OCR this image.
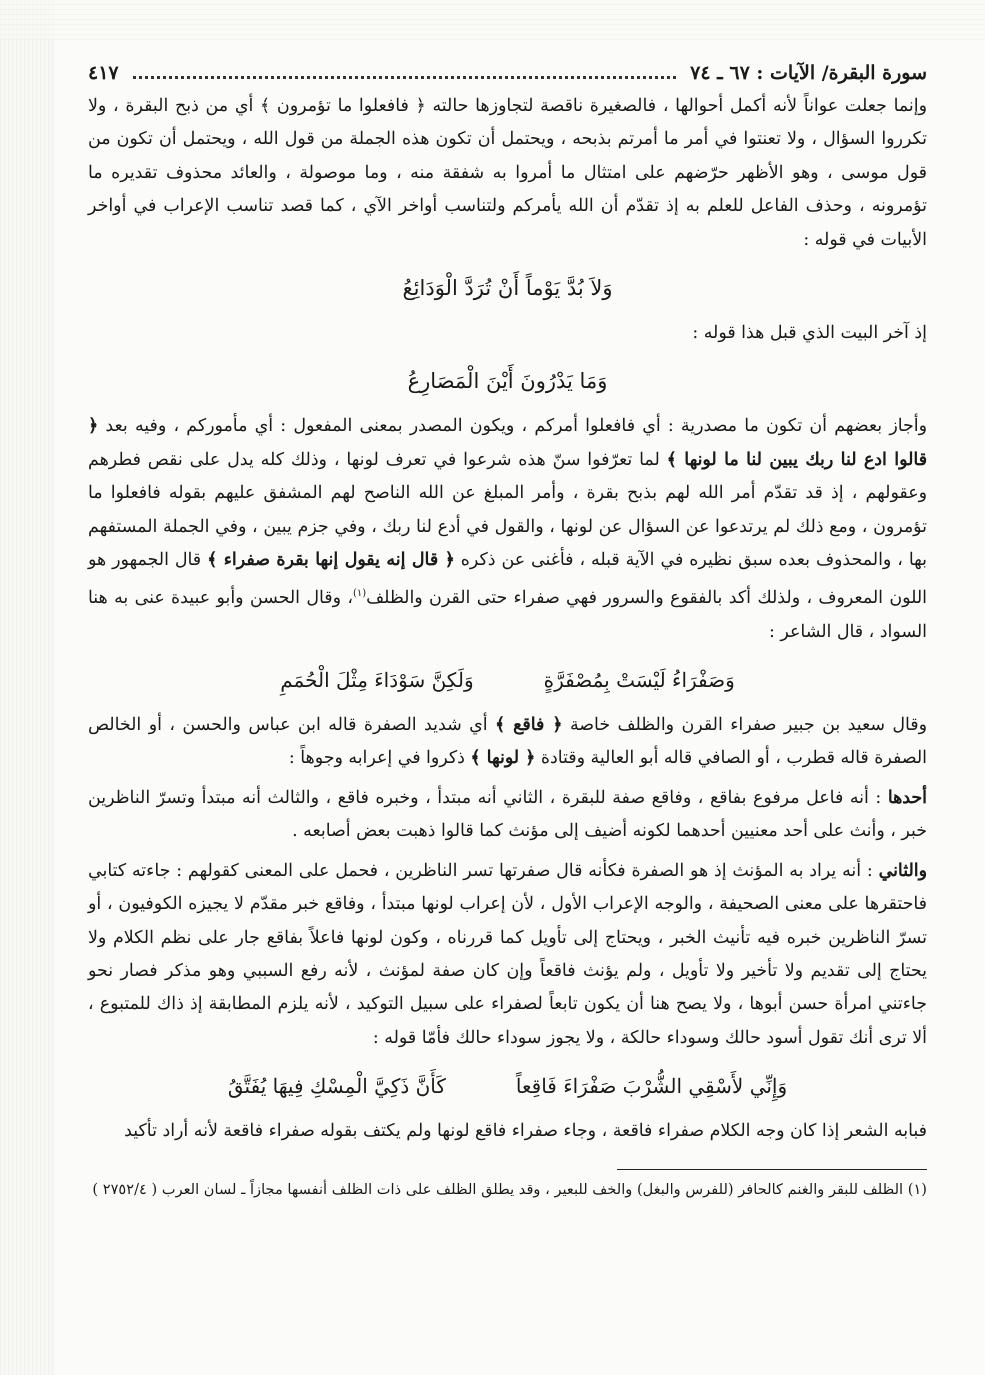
سورة البقرة/ الآيات : ٦٧ ـ ٧٤
٤١٧

وإنما جعلت عواناً لأنه أكمل أحوالها ، فالصغيرة ناقصة لتجاوزها حالته ﴿ فافعلوا ما تؤمرون ﴾ أي من ذبح البقرة ، ولا تكرروا السؤال ، ولا تعنتوا في أمر ما أمرتم بذبحه ، ويحتمل أن تكون هذه الجملة من قول الله ، ويحتمل أن تكون من قول موسى ، وهو الأظهر حرّضهم على امتثال ما أمروا به شفقة منه ، وما موصولة ، والعائد محذوف تقديره ما تؤمرونه ، وحذف الفاعل للعلم به إذ تقدّم أن الله يأمركم ولتناسب أواخر الآي ، كما قصد تناسب الإعراب في أواخر الأبيات في قوله :

وَلاَ بُدَّ يَوْماً أَنْ تُرَدَّ الْوَدَائِعُ

إذ آخر البيت الذي قبل هذا قوله :

وَمَا يَدْرُونَ أَيْنَ الْمَصَارِعُ

وأجاز بعضهم أن تكون ما مصدرية : أي فافعلوا أمركم ، ويكون المصدر بمعنى المفعول : أي مأموركم ، وفيه بعد ﴿ قالوا ادع لنا ربك يبين لنا ما لونها ﴾ لما تعرّفوا سنّ هذه شرعوا في تعرف لونها ، وذلك كله يدل على نقص فطرهم وعقولهم ، إذ قد تقدّم أمر الله لهم بذبح بقرة ، وأمر المبلغ عن الله الناصح لهم المشفق عليهم بقوله فافعلوا ما تؤمرون ، ومع ذلك لم يرتدعوا عن السؤال عن لونها ، والقول في أدع لنا ربك ، وفي جزم يبين ، وفي الجملة المستفهم بها ، والمحذوف بعده سبق نظيره في الآية قبله ، فأغنى عن ذكره ﴿ قال إنه يقول إنها بقرة صفراء ﴾ قال الجمهور هو اللون المعروف ، ولذلك أكد بالفقوع والسرور فهي صفراء حتى القرن والظلف$^{(١)}$، وقال الحسن وأبو عبيدة عنى به هنا السواد ، قال الشاعر :

وَصَفْرَاءُ لَيْسَتْ بِمُصْفَرَّةٍ
وَلَكِنَّ سَوْدَاءَ مِثْلَ الْحُمَمِ

وقال سعيد بن جبير صفراء القرن والظلف خاصة ﴿ فاقع ﴾ أي شديد الصفرة قاله ابن عباس والحسن ، أو الخالص الصفرة قاله قطرب ، أو الصافي قاله أبو العالية وقتادة ﴿ لونها ﴾ ذكروا في إعرابه وجوهاً :

أحدها : أنه فاعل مرفوع بفاقع ، وفاقع صفة للبقرة ، الثاني أنه مبتدأ ، وخبره فاقع ، والثالث أنه مبتدأ وتسرّ الناظرين خبر ، وأنث على أحد معنيين أحدهما لكونه أضيف إلى مؤنث كما قالوا ذهبت بعض أصابعه .

والثاني : أنه يراد به المؤنث إذ هو الصفرة فكأنه قال صفرتها تسر الناظرين ، فحمل على المعنى كقولهم : جاءته كتابي فاحتقرها على معنى الصحيفة ، والوجه الإعراب الأول ، لأن إعراب لونها مبتدأ ، وفاقع خبر مقدّم لا يجيزه الكوفيون ، أو تسرّ الناظرين خبره فيه تأنيث الخبر ، ويحتاج إلى تأويل كما قررناه ، وكون لونها فاعلاً بفاقع جار على نظم الكلام ولا يحتاج إلى تقديم ولا تأخير ولا تأويل ، ولم يؤنث فاقعاً وإن كان صفة لمؤنث ، لأنه رفع السببي وهو مذكر فصار نحو جاءتني امرأة حسن أبوها ، ولا يصح هنا أن يكون تابعاً لصفراء على سبيل التوكيد ، لأنه يلزم المطابقة إذ ذاك للمتبوع ، ألا ترى أنك تقول أسود حالك وسوداء حالكة ، ولا يجوز سوداء حالك فأمّا قوله :

وَإِنِّي لأَسْقِي الشُّرْبَ صَفْرَاءَ فَاقِعاً
كَأَنَّ ذَكِيَّ الْمِسْكِ فِيهَا يُفَتَّقُ

فبابه الشعر إذا كان وجه الكلام صفراء فاقعة ، وجاء صفراء فاقع لونها ولم يكتف بقوله صفراء فاقعة لأنه أراد تأكيد

(١) الظلف للبقر والغنم كالحافر (للفرس والبغل) والخف للبعير ، وقد يطلق الظلف على ذات الظلف أنفسها مجازاً ـ لسان العرب ( ٢٧٥٢/٤ )
